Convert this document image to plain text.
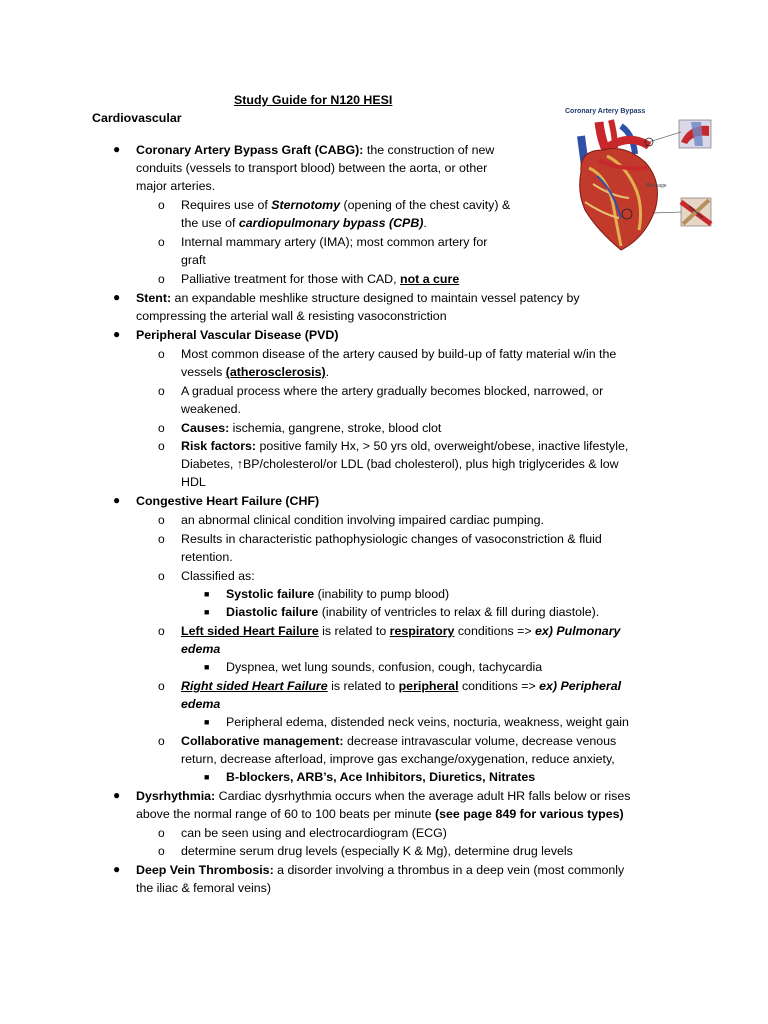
Study Guide for N120 HESI
Cardiovascular	Coronary Artery Bypass
Blockage
● Coronary Artery Bypass Graft (CABG): the construction of new
conduits (vessels to transport blood) between the aorta, or other
major arteries.
o Requires use of Sternotomy (opening of the chest cavity) &
the use of cardiopulmonary bypass (CPB).
o Internal mammary artery (IMA); most common artery for
graft
o Palliative treatment for those with CAD, not a cure
● Stent: an expandable meshlike structure designed to maintain vessel patency by
compressing the arterial wall & resisting vasoconstriction
● Peripheral Vascular Disease (PVD)
o Most common disease of the artery caused by build-up of fatty material w/in the
vessels (atherosclerosis).
o A gradual process where the artery gradually becomes blocked, narrowed, or
weakened.
o Causes: ischemia, gangrene, stroke, blood clot
o Risk factors: positive family Hx, > 50 yrs old, overweight/obese, inactive lifestyle,
Diabetes, ↑BP/cholesterol/or LDL (bad cholesterol), plus high triglycerides & low
HDL
● Congestive Heart Failure (CHF)
o an abnormal clinical condition involving impaired cardiac pumping.
o Results in characteristic pathophysiologic changes of vasoconstriction & fluid
retention.
o Classified as:
■ Systolic failure (inability to pump blood)
■ Diastolic failure (inability of ventricles to relax & fill during diastole).
o Left sided Heart Failure is related to respiratory conditions => ex) Pulmonary
edema
■ Dyspnea, wet lung sounds, confusion, cough, tachycardia
o Right sided Heart Failure is related to peripheral conditions => ex) Peripheral
edema
■ Peripheral edema, distended neck veins, nocturia, weakness, weight gain
o Collaborative management: decrease intravascular volume, decrease venous
return, decrease afterload, improve gas exchange/oxygenation, reduce anxiety,
■ B-blockers, ARB’s, Ace Inhibitors, Diuretics, Nitrates
● Dysrhythmia: Cardiac dysrhythmia occurs when the average adult HR falls below or rises
above the normal range of 60 to 100 beats per minute (see page 849 for various types)
o can be seen using and electrocardiogram (ECG)
o determine serum drug levels (especially K & Mg), determine drug levels
● Deep Vein Thrombosis: a disorder involving a thrombus in a deep vein (most commonly
the iliac & femoral veins)
